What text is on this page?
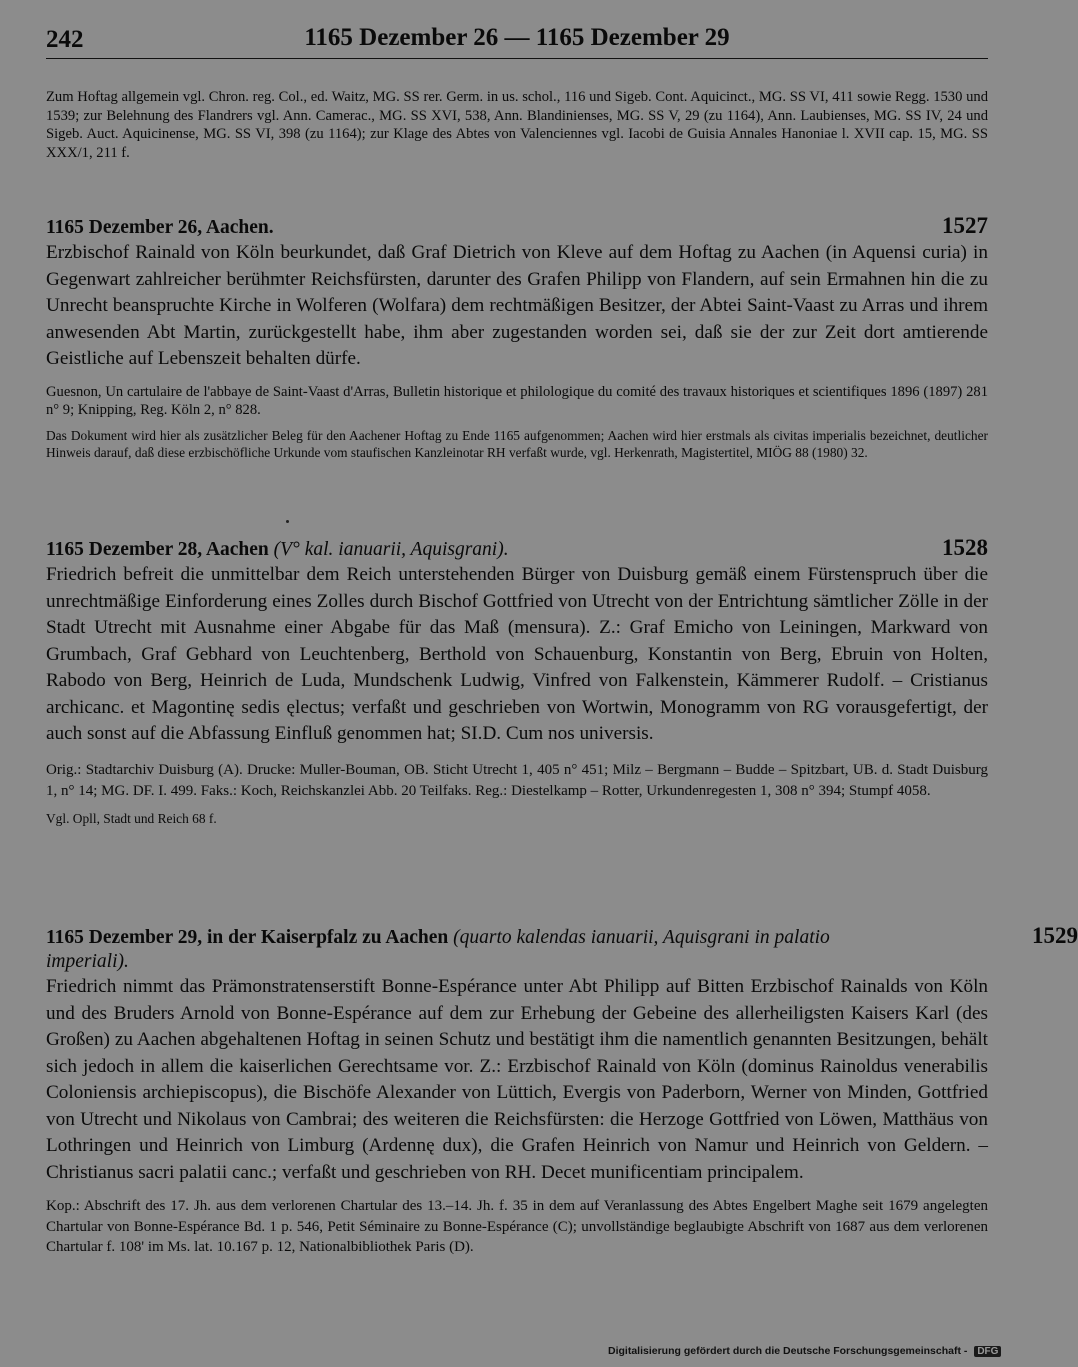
242	1165 Dezember 26 — 1165 Dezember 29
Zum Hoftag allgemein vgl. Chron. reg. Col., ed. Waitz, MG. SS rer. Germ. in us. schol., 116 und Sigeb. Cont. Aquicinct., MG. SS VI, 411 sowie Regg. 1530 und 1539; zur Belehnung des Flandrers vgl. Ann. Camerac., MG. SS XVI, 538, Ann. Blandinienses, MG. SS V, 29 (zu 1164), Ann. Laubienses, MG. SS IV, 24 und Sigeb. Auct. Aquicinense, MG. SS VI, 398 (zu 1164); zur Klage des Abtes von Valenciennes vgl. Iacobi de Guisia Annales Hanoniae l. XVII cap. 15, MG. SS XXX/1, 211 f.
1165 Dezember 26, Aachen.	1527
Erzbischof Rainald von Köln beurkundet, daß Graf Dietrich von Kleve auf dem Hoftag zu Aachen (in Aquensi curia) in Gegenwart zahlreicher berühmter Reichsfürsten, darunter des Grafen Philipp von Flandern, auf sein Ermahnen hin die zu Unrecht beanspruchte Kirche in Wolferen (Wolfara) dem rechtmäßigen Besitzer, der Abtei Saint-Vaast zu Arras und ihrem anwesenden Abt Martin, zurückgestellt habe, ihm aber zugestanden worden sei, daß sie der zur Zeit dort amtierende Geistliche auf Lebenszeit behalten dürfe.
Guesnon, Un cartulaire de l'abbaye de Saint-Vaast d'Arras, Bulletin historique et philologique du comité des travaux historiques et scientifiques 1896 (1897) 281 n° 9; Knipping, Reg. Köln 2, n° 828.
Das Dokument wird hier als zusätzlicher Beleg für den Aachener Hoftag zu Ende 1165 aufgenommen; Aachen wird hier erstmals als civitas imperialis bezeichnet, deutlicher Hinweis darauf, daß diese erzbischöfliche Urkunde vom staufischen Kanzleinotar RH verfaßt wurde, vgl. Herkenrath, Magistertitel, MIÖG 88 (1980) 32.
1165 Dezember 28, Aachen (V° kal. ianuarii, Aquisgrani).	1528
Friedrich befreit die unmittelbar dem Reich unterstehenden Bürger von Duisburg gemäß einem Fürstenspruch über die unrechtmäßige Einforderung eines Zolles durch Bischof Gottfried von Utrecht von der Entrichtung sämtlicher Zölle in der Stadt Utrecht mit Ausnahme einer Abgabe für das Maß (mensura). Z.: Graf Emicho von Leiningen, Markward von Grumbach, Graf Gebhard von Leuchtenberg, Berthold von Schauenburg, Konstantin von Berg, Ebruin von Holten, Rabodo von Berg, Heinrich de Luda, Mundschenk Ludwig, Vinfred von Falkenstein, Kämmerer Rudolf. – Cristianus archicanc. et Magontinę sedis ęlectus; verfaßt und geschrieben von Wortwin, Monogramm von RG vorausgefertigt, der auch sonst auf die Abfassung Einfluß genommen hat; SI.D. Cum nos universis.
Orig.: Stadtarchiv Duisburg (A). Drucke: Muller-Bouman, OB. Sticht Utrecht 1, 405 n° 451; Milz – Bergmann – Budde – Spitzbart, UB. d. Stadt Duisburg 1, n° 14; MG. DF. I. 499. Faks.: Koch, Reichskanzlei Abb. 20 Teilfaks. Reg.: Diestelkamp – Rotter, Urkundenregesten 1, 308 n° 394; Stumpf 4058.
Vgl. Opll, Stadt und Reich 68 f.
1165 Dezember 29, in der Kaiserpfalz zu Aachen (quarto kalendas ianuarii, Aquisgrani in palatio imperiali).
1529
Friedrich nimmt das Prämonstratenserstift Bonne-Espérance unter Abt Philipp auf Bitten Erzbischof Rainalds von Köln und des Bruders Arnold von Bonne-Espérance auf dem zur Erhebung der Gebeine des allerheiligsten Kaisers Karl (des Großen) zu Aachen abgehaltenen Hoftag in seinen Schutz und bestätigt ihm die namentlich genannten Besitzungen, behält sich jedoch in allem die kaiserlichen Gerechtsame vor. Z.: Erzbischof Rainald von Köln (dominus Rainoldus venerabilis Coloniensis archiepiscopus), die Bischöfe Alexander von Lüttich, Evergis von Paderborn, Werner von Minden, Gottfried von Utrecht und Nikolaus von Cambrai; des weiteren die Reichsfürsten: die Herzoge Gottfried von Löwen, Matthäus von Lothringen und Heinrich von Limburg (Ardennę dux), die Grafen Heinrich von Namur und Heinrich von Geldern. – Christianus sacri palatii canc.; verfaßt und geschrieben von RH. Decet munificentiam principalem.
Kop.: Abschrift des 17. Jh. aus dem verlorenen Chartular des 13.–14. Jh. f. 35 in dem auf Veranlassung des Abtes Engelbert Maghe seit 1679 angelegten Chartular von Bonne-Espérance Bd. 1 p. 546, Petit Séminaire zu Bonne-Espérance (C); unvollständige beglaubigte Abschrift von 1687 aus dem verlorenen Chartular f. 108' im Ms. lat. 10.167 p. 12, Nationalbibliothek Paris (D).
Digitalisierung gefördert durch die Deutsche Forschungsgemeinschaft - DFG
